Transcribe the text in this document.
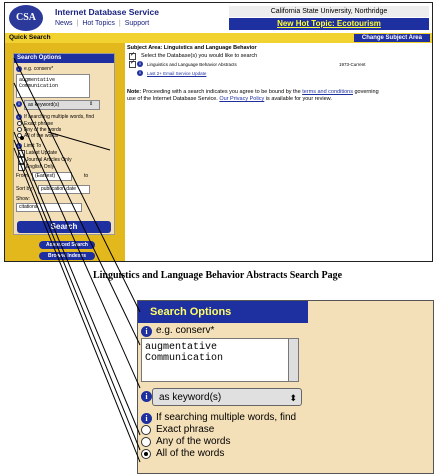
CSA	Internet Database Service
News | Hot Topics | Support
California State University, Northridge
New Hot Topic: Ecotourism
Quick Search	Change Subject Area
Search Options
i e.g. conserv*
augmentative
Communication
i	as keyword(s)	⇕
i If searching multiple words, find
Exact phrase
Any of the words
All of the words
i Limit To
Latest Update
Journal Articles Only
English Only
From: (Earliest)	to
Sort by: publication date
Show:
citations
Search
Advanced Search
Browse Indexes
Subject Area: Linguistics and Language Behavior
✓
Select the Database(s) you would like to search
✓
i	Linguistics and Language Behavior Abstracts	1973-Current
i	Last 2+ Email Service Update
Note: Proceeding with a search indicates you agree to be bound by the terms and conditions governing
use of the Internet Database Service. Our Privacy Policy is available for your review.
Linguistics and Language Behavior Abstracts Search Page
Search Options
i e.g. conserv*
augmentative
Communication
i	as keyword(s)	⬍
i If searching multiple words, find
Exact phrase
Any of the words
All of the words
